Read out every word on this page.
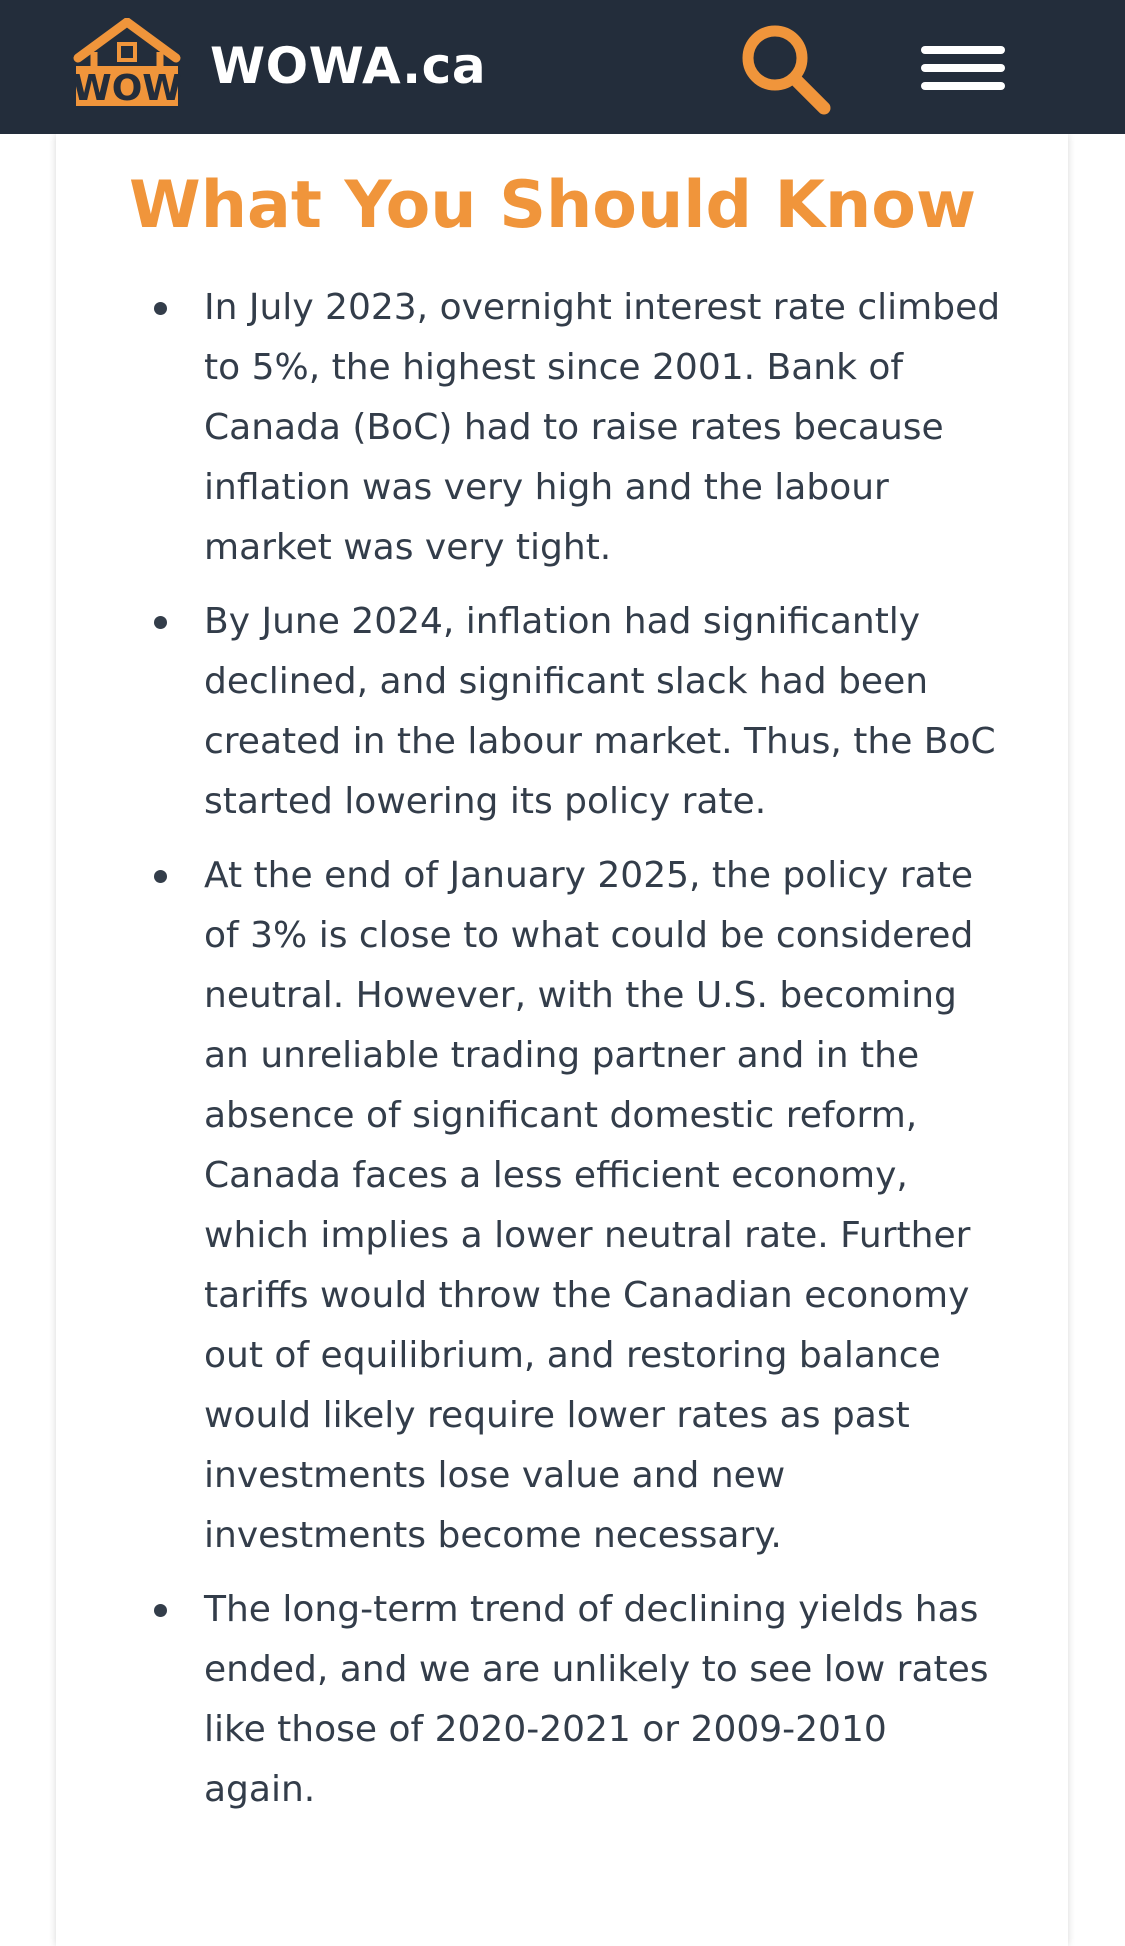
WOW WOWA.ca
What You Should Know
In July 2023, overnight interest rate climbed to 5%, the highest since 2001. Bank of Canada (BoC) had to raise rates because inflation was very high and the labour market was very tight.
By June 2024, inflation had significantly declined, and significant slack had been created in the labour market. Thus, the BoC started lowering its policy rate.
At the end of January 2025, the policy rate of 3% is close to what could be considered neutral. However, with the U.S. becoming an unreliable trading partner and in the absence of significant domestic reform, Canada faces a less efficient economy, which implies a lower neutral rate. Further tariffs would throw the Canadian economy out of equilibrium, and restoring balance would likely require lower rates as past investments lose value and new investments become necessary.
The long-term trend of declining yields has ended, and we are unlikely to see low rates like those of 2020-2021 or 2009-2010 again.
